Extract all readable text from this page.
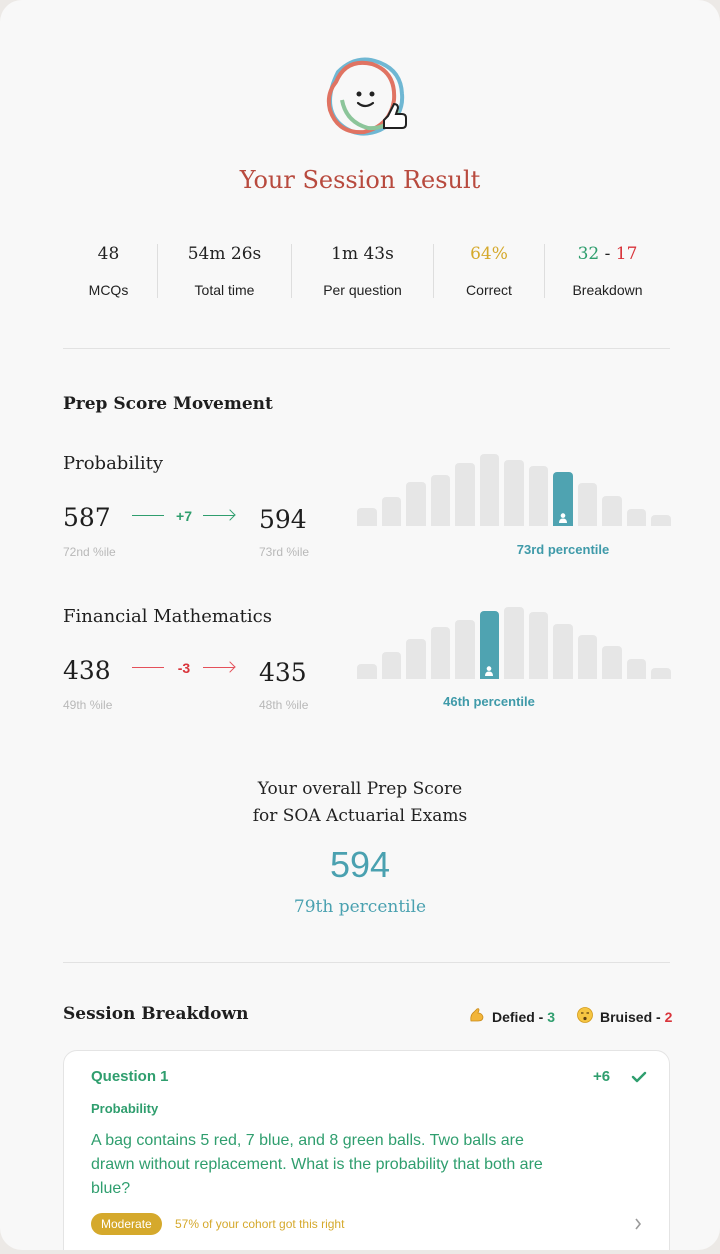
Your Session Result
48
MCQs
54m 26s
Total time
1m 43s
Per question
64%
Correct
32 - 17
Breakdown
Prep Score Movement
Probability
587
72nd %ile
+7	594
73rd %ile	73rd percentile
Financial Mathematics
438
49th %ile
-3	435
48th %ile	46th percentile
Your overall Prep Score
for SOA Actuarial Exams
594
79th percentile
Session Breakdown	Defied - 3	Bruised - 2
Question 1	+6
Probability
A bag contains 5 red, 7 blue, and 8 green balls. Two balls are drawn without replacement. What is the probability that both are blue?
Moderate	57% of your cohort got this right
